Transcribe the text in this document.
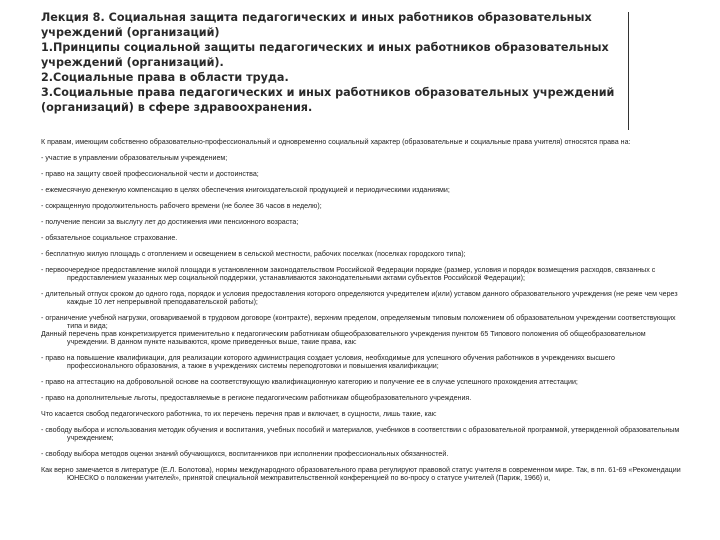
Лекция 8. Социальная защита педагогических и иных работников образовательных
учреждений (организаций)
1.Принципы социальной защиты педагогических и иных работников образовательных
учреждений (организаций).
2.Социальные права в области труда.
3.Социальные права педагогических и иных работников образовательных учреждений
(организаций) в сфере здравоохранения.
К правам, имеющим собственно образовательно-профессиональный и одновременно социальный характер (образовательные и социальные права учителя) относятся права на:
- участие в управлении образовательным учреждением;
- право на защиту своей профессиональной чести и достоинства;
- ежемесячную денежную компенсацию в целях обеспечения книгоиздательской продукцией и периодическими изданиями;
- сокращенную продолжительность рабочего времени (не более 36 часов в неделю);
- получение пенсии за выслугу лет до достижения ими пенсионного возраста;
- обязательное социальное страхование.
- бесплатную жилую площадь с отоплением и освещением в сельской местности, рабочих поселках (поселках городского типа);
- первоочередное предоставление жилой площади в установленном законодательством Российской Федерации порядке (размер, условия и порядок возмещения расходов, связанных с предоставлением указанных мер социальной поддержки, устанавливаются законодательными актами субъектов Российской Федерации);
- длительный отпуск сроком до одного года, порядок и условия предоставления которого определяются учредителем и(или) уставом данного образовательного учреждения (не реже чем через каждые 10 лет непрерывной преподавательской работы);
- ограничение учебной нагрузки, оговариваемой в трудовом договоре (контракте), верхним пределом, определяемым типовым положением об образовательном учреждении соответствующих типа и вида;
Данный перечень прав конкретизируется применительно к педагогическим работникам общеобразовательного учреждения пунктом 65 Типового положения об общеобразовательном учреждении. В данном пункте называются, кроме приведенных выше, такие права, как:
- право на повышение квалификации, для реализации которого администрация создает условия, необходимые для успешного обучения работников в учреждениях высшего профессионального образования, а также в учреждениях системы переподготовки и повышения квалификации;
- право на аттестацию на добровольной основе на соответствующую квалификационную категорию и получение ее в случае успешного прохождения аттестации;
- право на дополнительные льготы, предоставляемые в регионе педагогическим работникам общеобразовательного учреждения.
Что касается свобод педагогического работника, то их перечень перечня прав и включает, в сущности, лишь такие, как:
- свободу выбора и использования методик обучения и воспитания, учебных пособий и материалов, учебников в соответствии с образовательной программой, утвержденной образовательным учреждением;
- свободу выбора методов оценки знаний обучающихся, воспитанников при исполнении профессиональных обязанностей.
Как верно замечается в литературе (Е.Л. Болотова), нормы международного образовательного права регулируют правовой статус учителя в современном мире. Так, в пп. 61-69 «Рекомендации ЮНЕСКО о положении учителей», принятой специальной межправительственной конференцией по во-просу о статусе учителей (Париж, 1966) и,
